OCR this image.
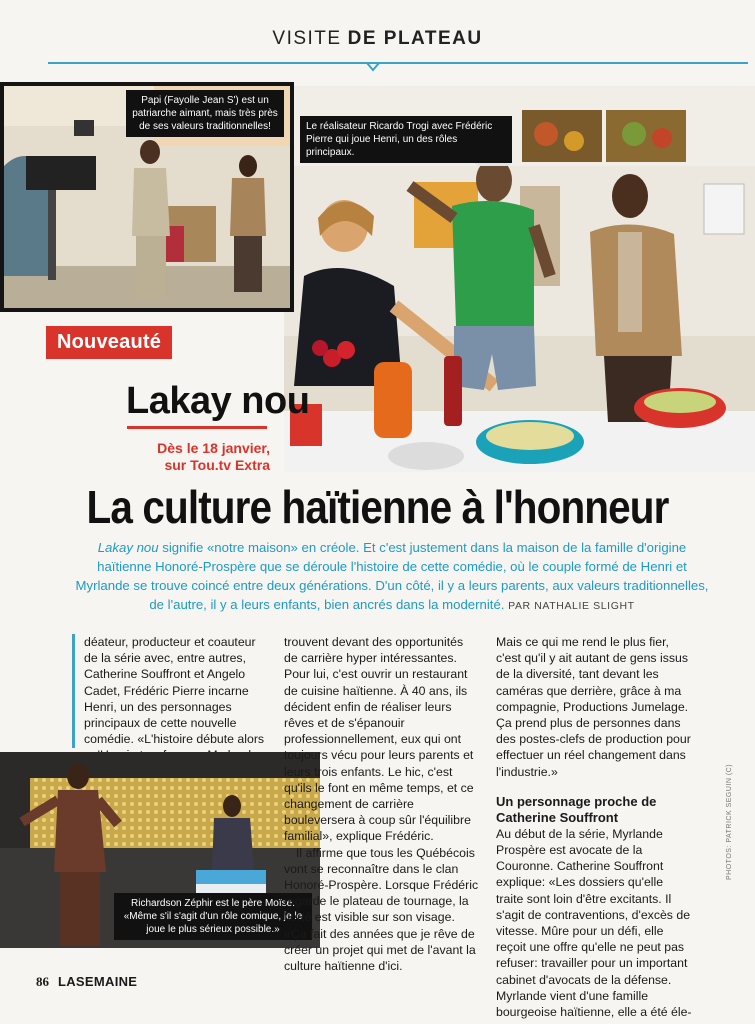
VISITE DE PLATEAU
Le réalisateur Ricardo Trogi avec Frédéric Pierre qui joue Henri, un des rôles principaux.
Papi (Fayolle Jean S') est un patriarche aimant, mais très près de ses valeurs traditionnelles!
Nouveauté
Lakay nou
Dès le 18 janvier,
sur Tou.tv Extra
La culture haïtienne à l'honneur
Lakay nou signifie «notre maison» en créole. Et c'est justement dans la maison de la famille d'origine haïtienne Honoré-Prospère que se déroule l'histoire de cette comédie, où le couple formé de Henri et Myrlande se trouve coincé entre deux générations. D'un côté, il y a leurs parents, aux valeurs traditionnelles, de l'autre, il y a leurs enfants, bien ancrés dans la modernité. PAR NATHALIE SLIGHT

déateur, producteur et coauteur de la série avec, entre autres, Catherine Souffront et Angelo Cadet, Frédéric Pierre incarne Henri, un des personnages principaux de cette nouvelle comédie. «L'histoire débute alors

Richardson Zéphir est le père Moïse. «Même s'il s'agit d'un rôle comique, je le joue le plus sérieux possible.»

trouvent devant des opportunités de carrière hyper intéressantes. Pour lui, c'est ouvrir un restaurant de cuisine haïtienne. À 40 ans, ils décident enfin de réaliser leurs rêves et de s'épanouir professionnellement, eux qui ont toujours vécu pour leurs parents et leurs trois enfants. Le hic, c'est qu'ils le font en même temps, et ce changement de carrière bouleversera à coup sûr l'équilibre familial», explique Frédéric.

Il affirme que tous les Québécois vont se reconnaître dans le clan Honoré-Prospère. Lorsque Frédéric regarde le plateau de tournage, la fierté est visible sur son visage. «Ça fait des années que je rêve de créer un projet qui met de l'avant la culture haïtienne d'ici.

Mais ce qui me rend le plus fier, c'est qu'il y ait autant de gens issus de la diversité, tant devant les caméras que derrière, grâce à ma compagnie, Productions Jumelage. Ça prend plus de personnes dans des postes-clefs de production pour effectuer un réel changement dans l'industrie.»

Un personnage proche de Catherine Souffront

Au début de la série, Myrlande Prospère est avocate de la Couronne. Catherine Souffront explique: «Les dossiers qu'elle traite sont loin d'être excitants. Il s'agit de contraventions, d'excès de vitesse. Mûre pour un défi, elle reçoit une offre qu'elle ne peut pas refuser: travailler pour un important cabinet d'avocats de la défense. Myrlande vient d'une famille bourgeoise haïtienne, elle a été éle-

PHOTOS: PATRICK SEGUIN (C)
86 LASEMAINE
